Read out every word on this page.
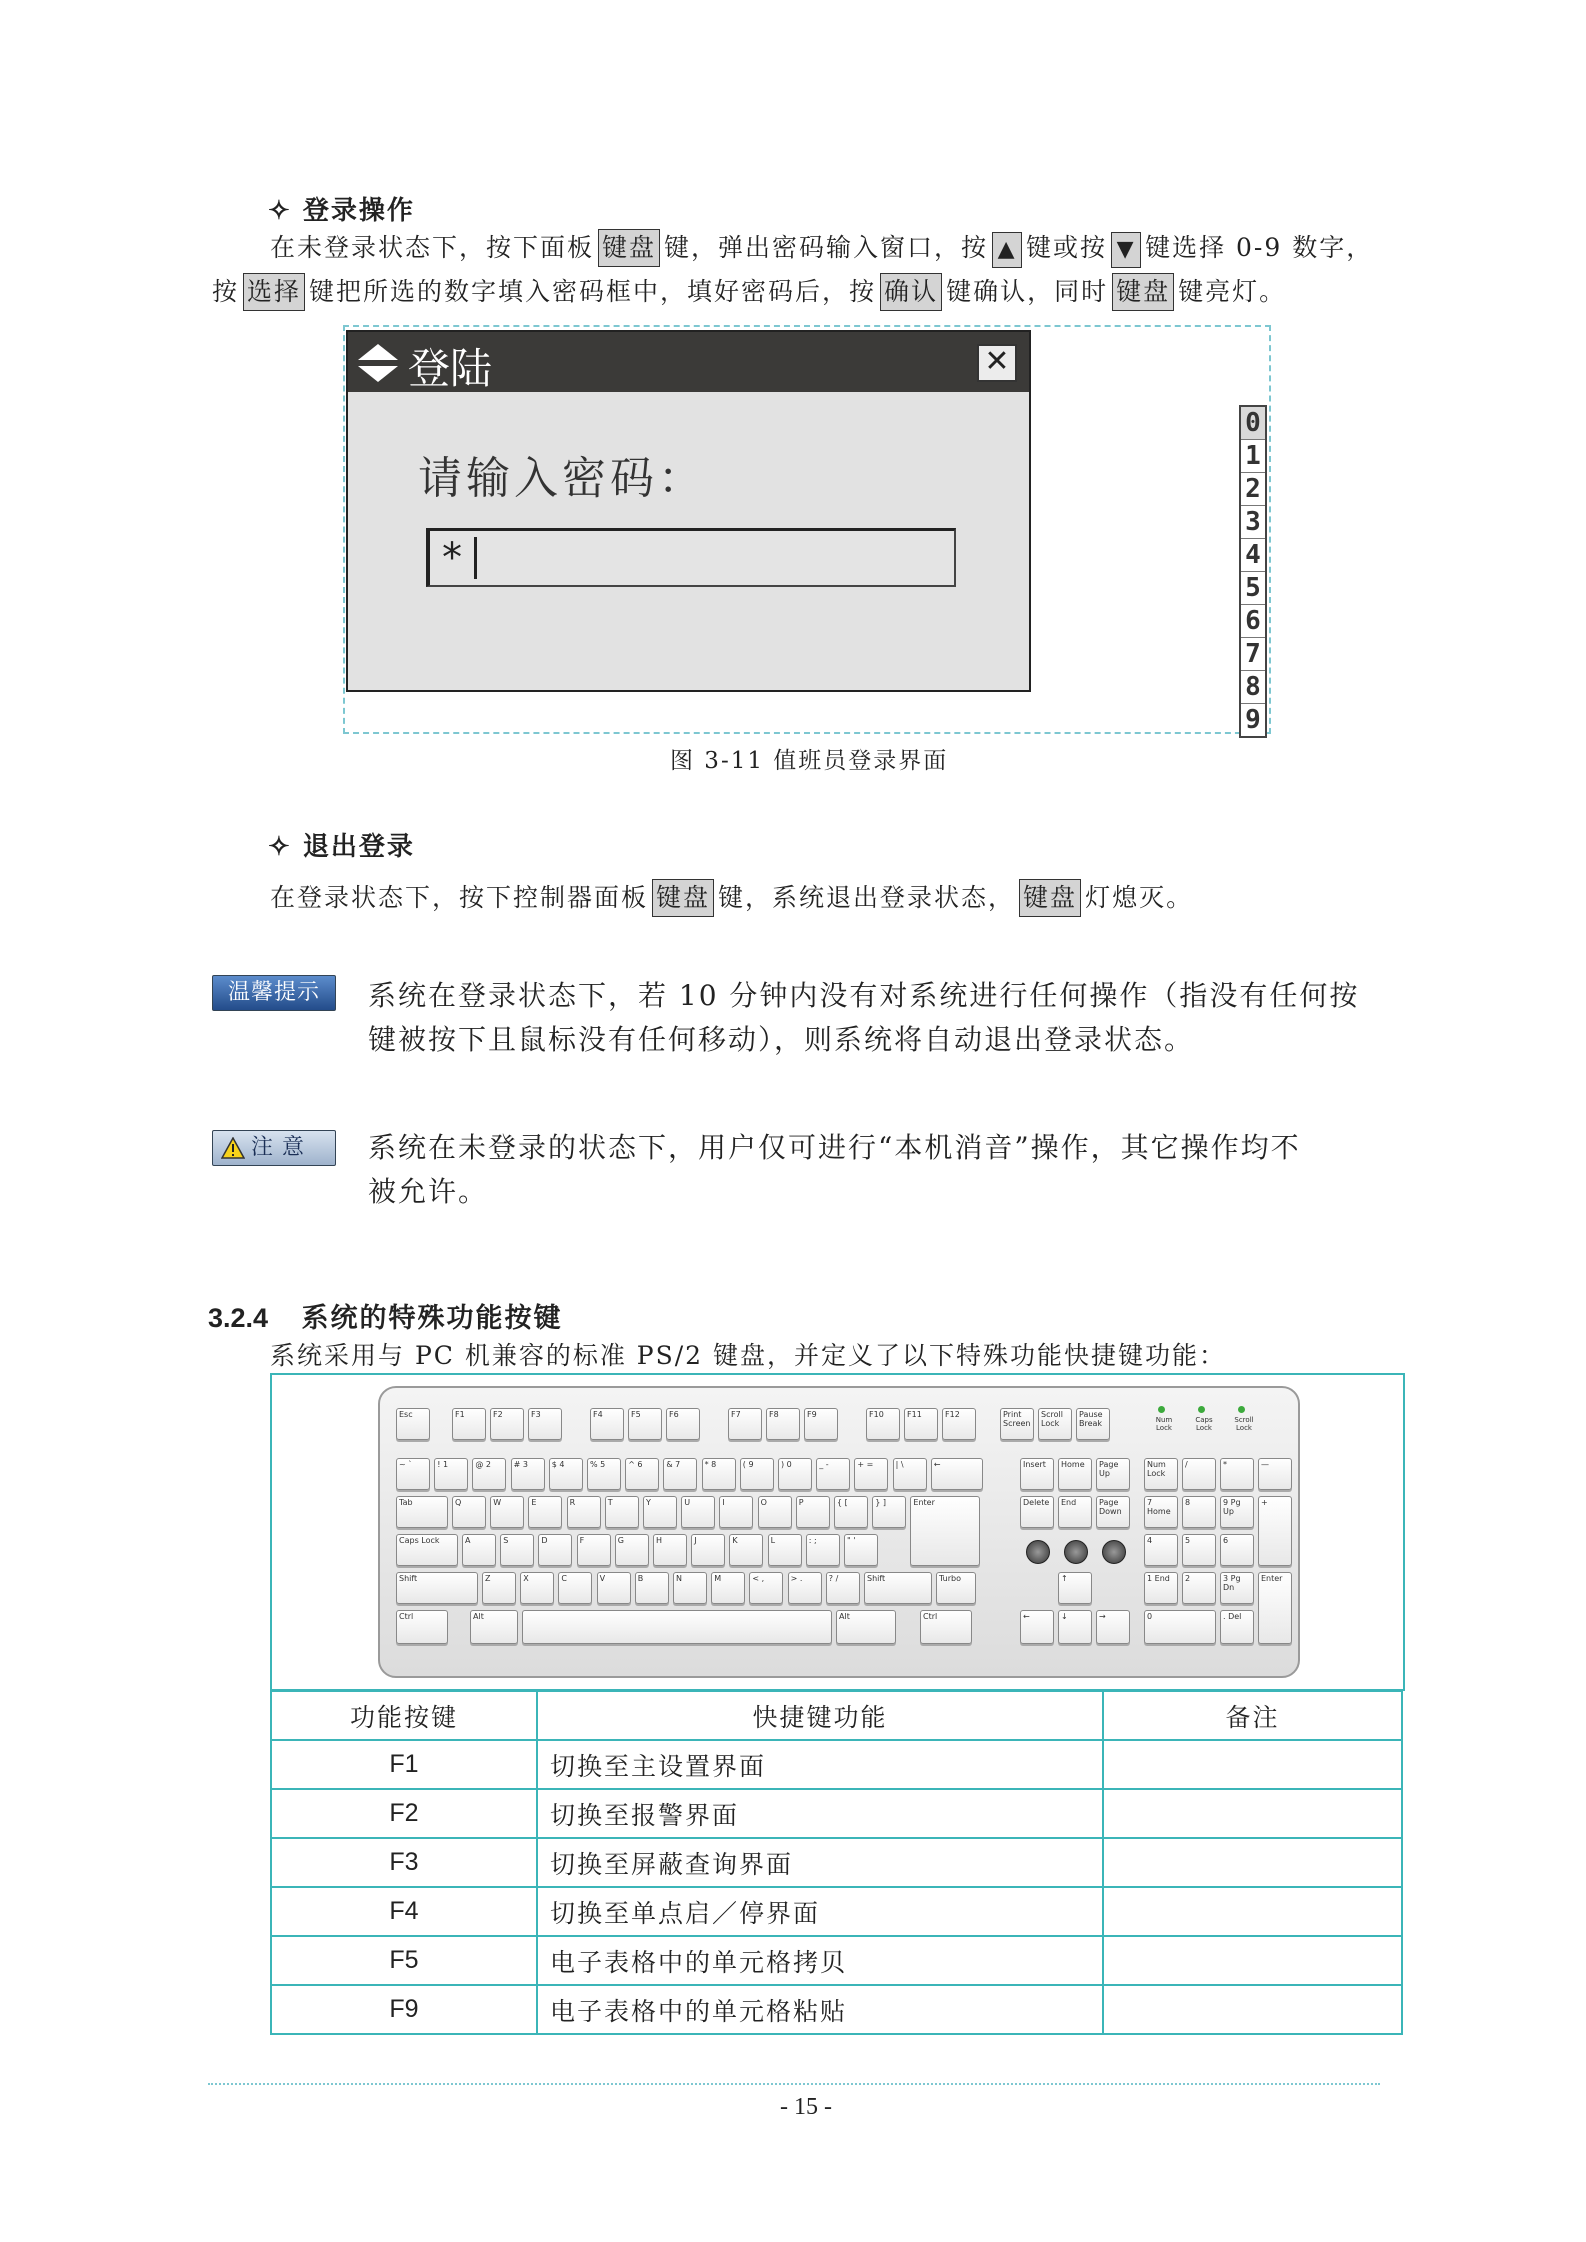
✧ 登录操作
在未登录状态下，按下面板 键盘 键，弹出密码输入窗口，按 ▲ 键或按 ▼ 键选择 0-9 数字，
按 选择 键把所选的数字填入密码框中，填好密码后，按 确认 键确认，同时 键盘 键亮灯。
登陆	✕
请输入密码：
*
0
1
2
3
4
5
6
7
8
9
图 3-11 值班员登录界面
✧ 退出登录
在登录状态下，按下控制器面板 键盘 键，系统退出登录状态， 键盘 灯熄灭。
温馨提示	系统在登录状态下，若 10 分钟内没有对系统进行任何操作（指没有任何按
键被按下且鼠标没有任何移动），则系统将自动退出登录状态。
注 意 系统在未登录的状态下，用户仅可进行“本机消音”操作，其它操作均不
被允许。
3.2.4 系统的特殊功能按键
系统采用与 PC 机兼容的标准 PS/2 键盘，并定义了以下特殊功能快捷键功能：
Esc	F1	F2	F3	F4	F5	F6	F7	F8	F9	F10	F11	F12	Print Screen
Scroll Lock
Pause Break	Num Lock
Caps Lock
Scroll Lock
~ `	! 1	@ 2	# 3	$ 4	% 5	^ 6	& 7	* 8	( 9	) 0	_ -	+ =	| \	←
Tab	Q	W	E	R	T	Y	U	I	O	P	{ [	} ]	Enter
Caps Lock	A	S	D	F	G	H	J	K	L	: ;	" '
Shift	Z	X	C	V	B	N	M	< ,	> .	? /	Shift	Turbo
Ctrl	Alt	Alt	Ctrl
Insert	Home	Page Up
Delete	End	Page Down
↑
←	↓	→
Num Lock
/	*	—
7 Home
8	9 Pg Up
+
4	5	6
1 End	2	3 Pg Dn
Enter
0	. Del
功能按键	快捷键功能	备注
F1	切换至主设置界面	
F2	切换至报警界面	
F3	切换至屏蔽查询界面	
F4	切换至单点启／停界面	
F5	电子表格中的单元格拷贝	
F9	电子表格中的单元格粘贴	
- 15 -
